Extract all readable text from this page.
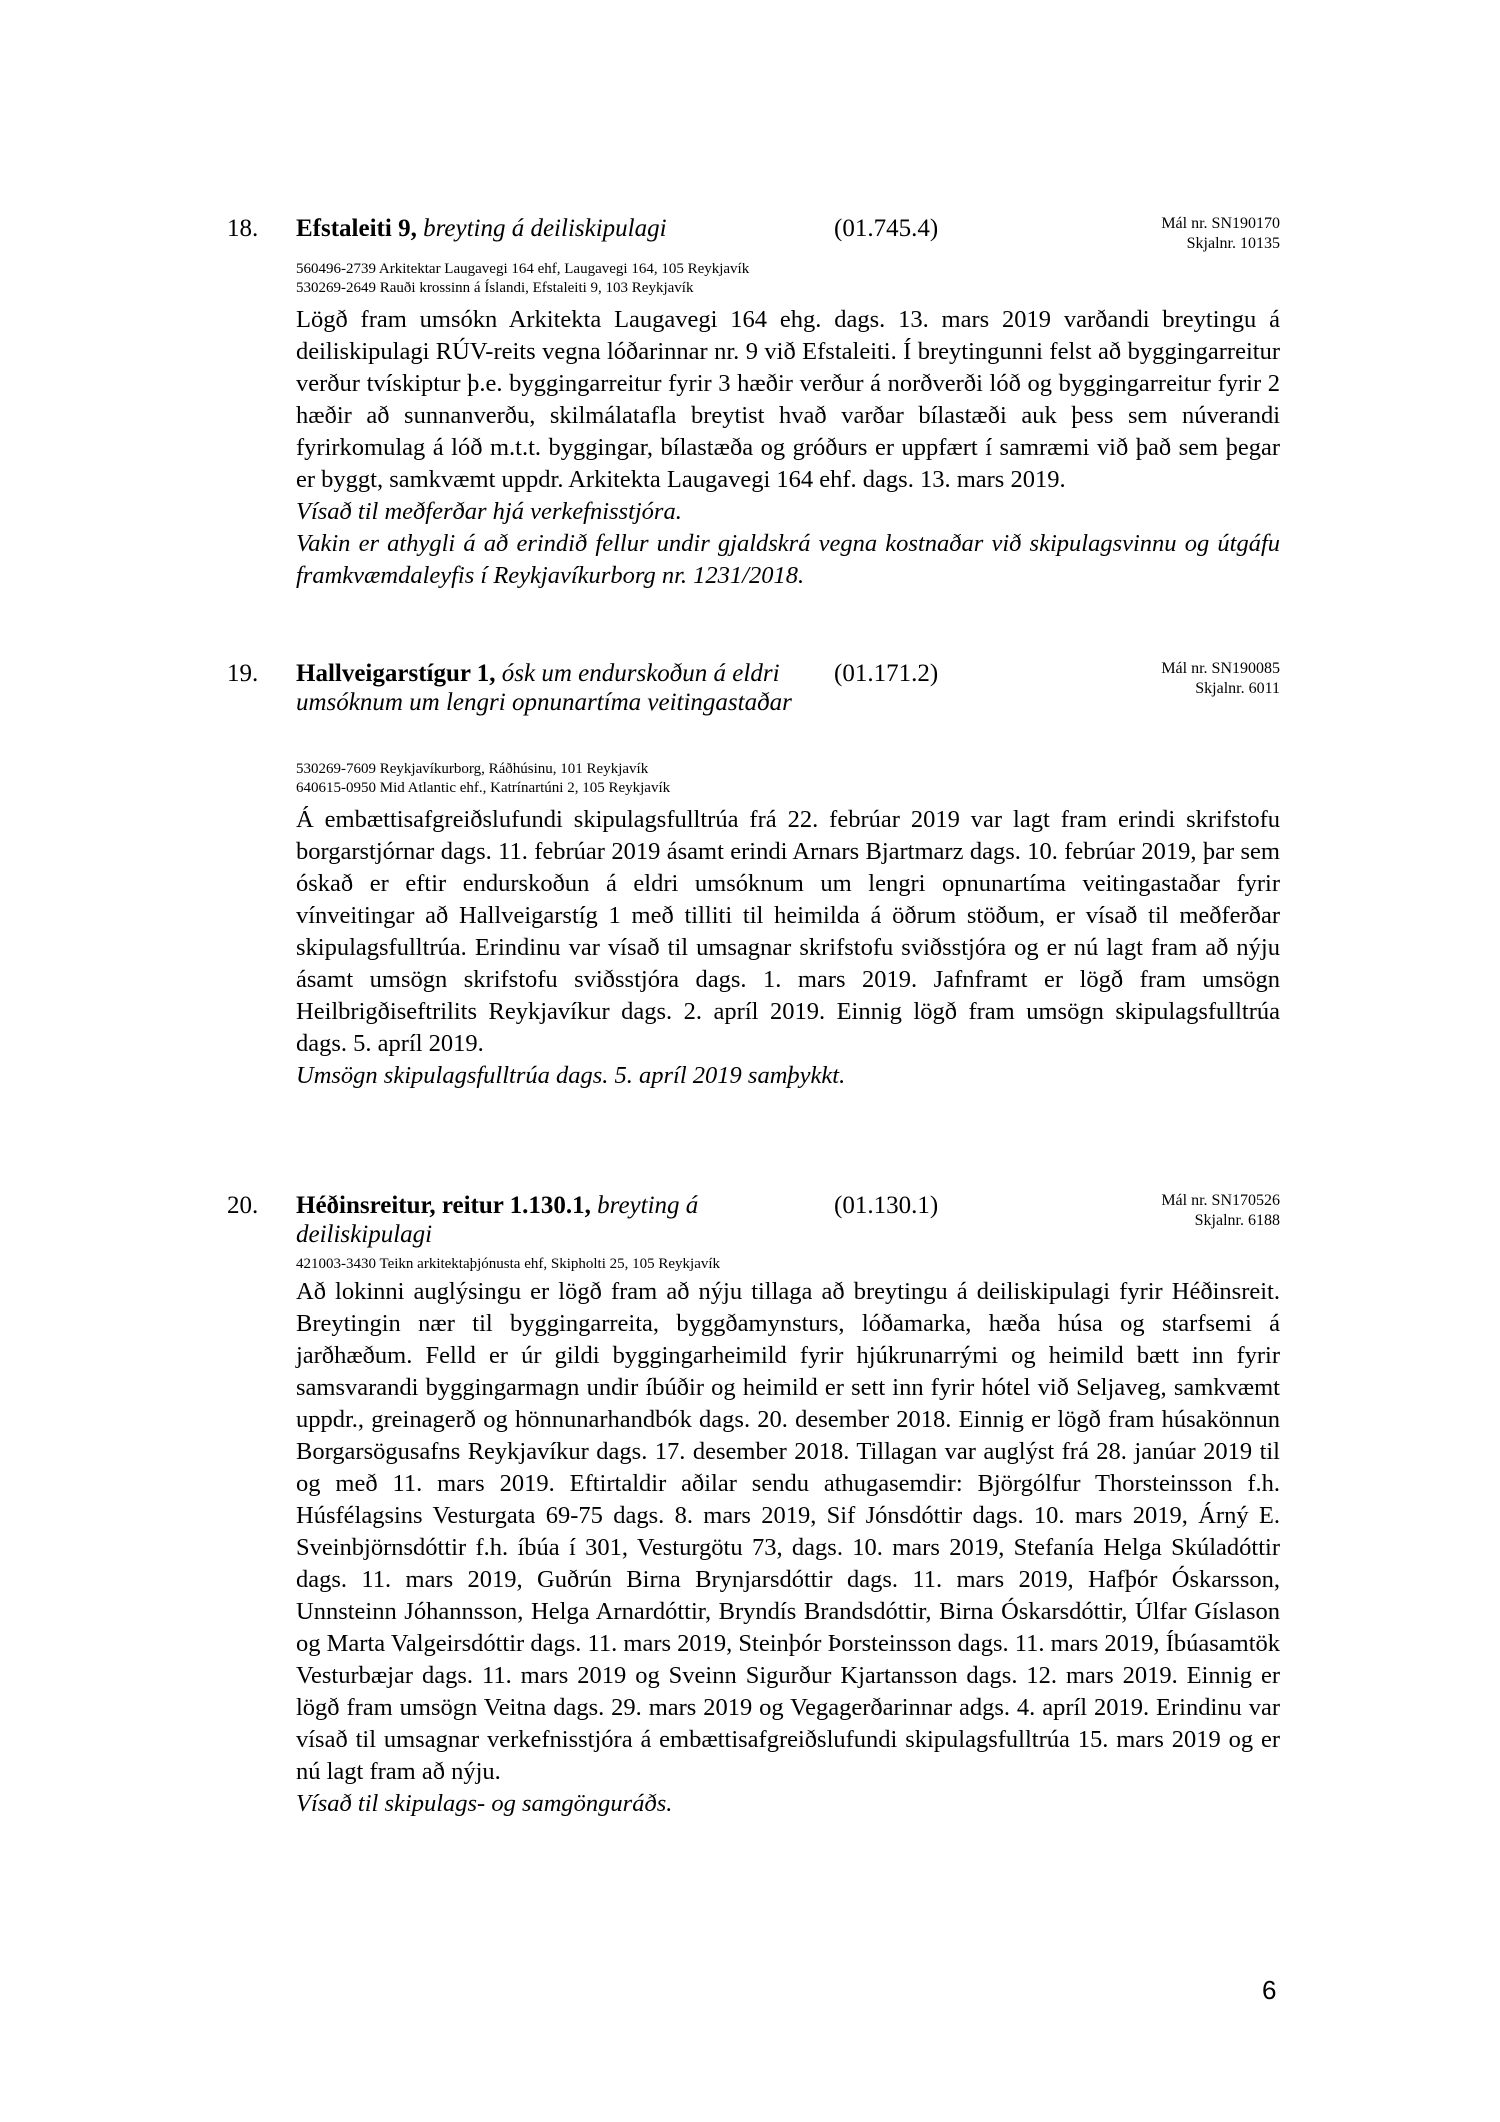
18. Efstaleiti 9, breyting á deiliskipulagi	(01.745.4)	Mál nr. SN190170
Skjalnr. 10135
560496-2739 Arkitektar Laugavegi 164 ehf, Laugavegi 164, 105 Reykjavík
530269-2649 Rauði krossinn á Íslandi, Efstaleiti 9, 103 Reykjavík

Lögð fram umsókn Arkitekta Laugavegi 164 ehg. dags. 13. mars 2019 varðandi breytingu á deiliskipulagi RÚV-reits vegna lóðarinnar nr. 9 við Efstaleiti. Í breytingunni felst að byggingarreitur verður tvískiptur þ.e. byggingarreitur fyrir 3 hæðir verður á norðverði lóð og byggingarreitur fyrir 2 hæðir að sunnanverðu, skilmálatafla breytist hvað varðar bílastæði auk þess sem núverandi fyrirkomulag á lóð m.t.t. byggingar, bílastæða og gróðurs er uppfært í samræmi við það sem þegar er byggt, samkvæmt uppdr. Arkitekta Laugavegi 164 ehf. dags. 13. mars 2019.

Vísað til meðferðar hjá verkefnisstjóra.

Vakin er athygli á að erindið fellur undir gjaldskrá vegna kostnaðar við skipulagsvinnu og útgáfu framkvæmdaleyfis í Reykjavíkurborg nr. 1231/2018.

19. Hallveigarstígur 1, ósk um endurskoðun á eldri umsóknum um lengri opnunartíma veitingastaðar
(01.171.2)	Mál nr. SN190085
Skjalnr. 6011
530269-7609 Reykjavíkurborg, Ráðhúsinu, 101 Reykjavík
640615-0950 Mid Atlantic ehf., Katrínartúni 2, 105 Reykjavík

Á embættisafgreiðslufundi skipulagsfulltrúa frá 22. febrúar 2019 var lagt fram erindi skrifstofu borgarstjórnar dags. 11. febrúar 2019 ásamt erindi Arnars Bjartmarz dags. 10. febrúar 2019, þar sem óskað er eftir endurskoðun á eldri umsóknum um lengri opnunartíma veitingastaðar fyrir vínveitingar að Hallveigarstíg 1 með tilliti til heimilda á öðrum stöðum, er vísað til meðferðar skipulagsfulltrúa. Erindinu var vísað til umsagnar skrifstofu sviðsstjóra og er nú lagt fram að nýju ásamt umsögn skrifstofu sviðsstjóra dags. 1. mars 2019. Jafnframt er lögð fram umsögn Heilbrigðiseftrilits Reykjavíkur dags. 2. apríl 2019. Einnig lögð fram umsögn skipulagsfulltrúa dags. 5. apríl 2019.

Umsögn skipulagsfulltrúa dags. 5. apríl 2019 samþykkt.

20. Héðinsreitur, reitur 1.130.1, breyting á deiliskipulagi
(01.130.1)	Mál nr. SN170526
Skjalnr. 6188
421003-3430 Teikn arkitektaþjónusta ehf, Skipholti 25, 105 Reykjavík

Að lokinni auglýsingu er lögð fram að nýju tillaga að breytingu á deiliskipulagi fyrir Héðinsreit. Breytingin nær til byggingarreita, byggðamynsturs, lóðamarka, hæða húsa og starfsemi á jarðhæðum. Felld er úr gildi byggingarheimild fyrir hjúkrunarrými og heimild bætt inn fyrir samsvarandi byggingarmagn undir íbúðir og heimild er sett inn fyrir hótel við Seljaveg, samkvæmt uppdr., greinagerð og hönnunarhandbók dags. 20. desember 2018. Einnig er lögð fram húsakönnun Borgarsögusafns Reykjavíkur dags. 17. desember 2018. Tillagan var auglýst frá 28. janúar 2019 til og með 11. mars 2019. Eftirtaldir aðilar sendu athugasemdir: Björgólfur Thorsteinsson f.h. Húsfélagsins Vesturgata 69-75 dags. 8. mars 2019, Sif Jónsdóttir dags. 10. mars 2019, Árný E. Sveinbjörnsdóttir f.h. íbúa í 301, Vesturgötu 73, dags. 10. mars 2019, Stefanía Helga Skúladóttir dags. 11. mars 2019, Guðrún Birna Brynjarsdóttir dags. 11. mars 2019, Hafþór Óskarsson, Unnsteinn Jóhannsson, Helga Arnardóttir, Bryndís Brandsdóttir, Birna Óskarsdóttir, Úlfar Gíslason og Marta Valgeirsdóttir dags. 11. mars 2019, Steinþór Þorsteinsson dags. 11. mars 2019, Íbúasamtök Vesturbæjar dags. 11. mars 2019 og Sveinn Sigurður Kjartansson dags. 12. mars 2019. Einnig er lögð fram umsögn Veitna dags. 29. mars 2019 og Vegagerðarinnar adgs. 4. apríl 2019. Erindinu var vísað til umsagnar verkefnisstjóra á embættisafgreiðslufundi skipulagsfulltrúa 15. mars 2019 og er nú lagt fram að nýju.

Vísað til skipulags- og samgönguráðs.

6
